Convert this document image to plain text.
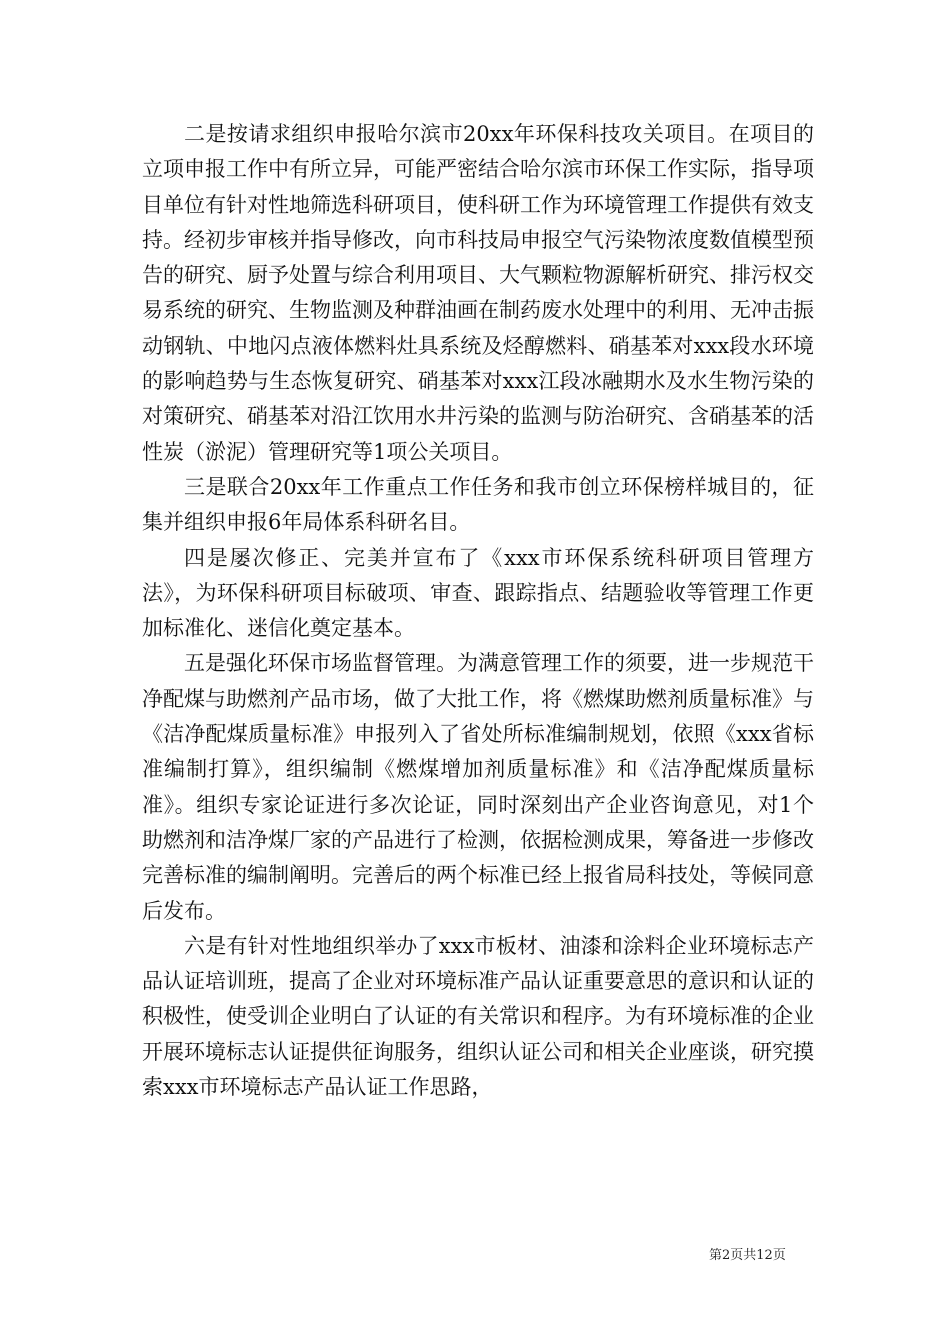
二是按请求组织申报哈尔滨市20xx年环保科技攻关项目。在项目的立项申报工作中有所立异，可能严密结合哈尔滨市环保工作实际，指导项目单位有针对性地筛选科研项目，使科研工作为环境管理工作提供有效支持。经初步审核并指导修改，向市科技局申报空气污染物浓度数值模型预告的研究、厨予处置与综合利用项目、大气颗粒物源解析研究、排污权交易系统的研究、生物监测及种群油画在制药废水处理中的利用、无冲击振动钢轨、中地闪点液体燃料灶具系统及烃醇燃料、硝基苯对xxx段水环境的影响趋势与生态恢复研究、硝基苯对xxx江段冰融期水及水生物污染的对策研究、硝基苯对沿江饮用水井污染的监测与防治研究、含硝基苯的活性炭（淤泥）管理研究等1项公关项目。

三是联合20xx年工作重点工作任务和我市创立环保榜样城目的，征集并组织申报6年局体系科研名目。

四是屡次修正、完美并宣布了《xxx市环保系统科研项目管理方法》，为环保科研项目标破项、审查、跟踪指点、结题验收等管理工作更加标准化、迷信化奠定基本。

五是强化环保市场监督管理。为满意管理工作的须要，进一步规范干净配煤与助燃剂产品市场，做了大批工作，将《燃煤助燃剂质量标准》与《洁净配煤质量标准》申报列入了省处所标准编制规划，依照《xxx省标准编制打算》，组织编制《燃煤增加剂质量标准》和《洁净配煤质量标准》。组织专家论证进行多次论证，同时深刻出产企业咨询意见，对1个助燃剂和洁净煤厂家的产品进行了检测，依据检测成果，筹备进一步修改完善标准的编制阐明。完善后的两个标准已经上报省局科技处，等候同意后发布。

六是有针对性地组织举办了xxx市板材、油漆和涂料企业环境标志产品认证培训班，提高了企业对环境标准产品认证重要意思的意识和认证的积极性，使受训企业明白了认证的有关常识和程序。为有环境标准的企业开展环境标志认证提供征询服务，组织认证公司和相关企业座谈，研究摸索xxx市环境标志产品认证工作思路，

第2页共12页
